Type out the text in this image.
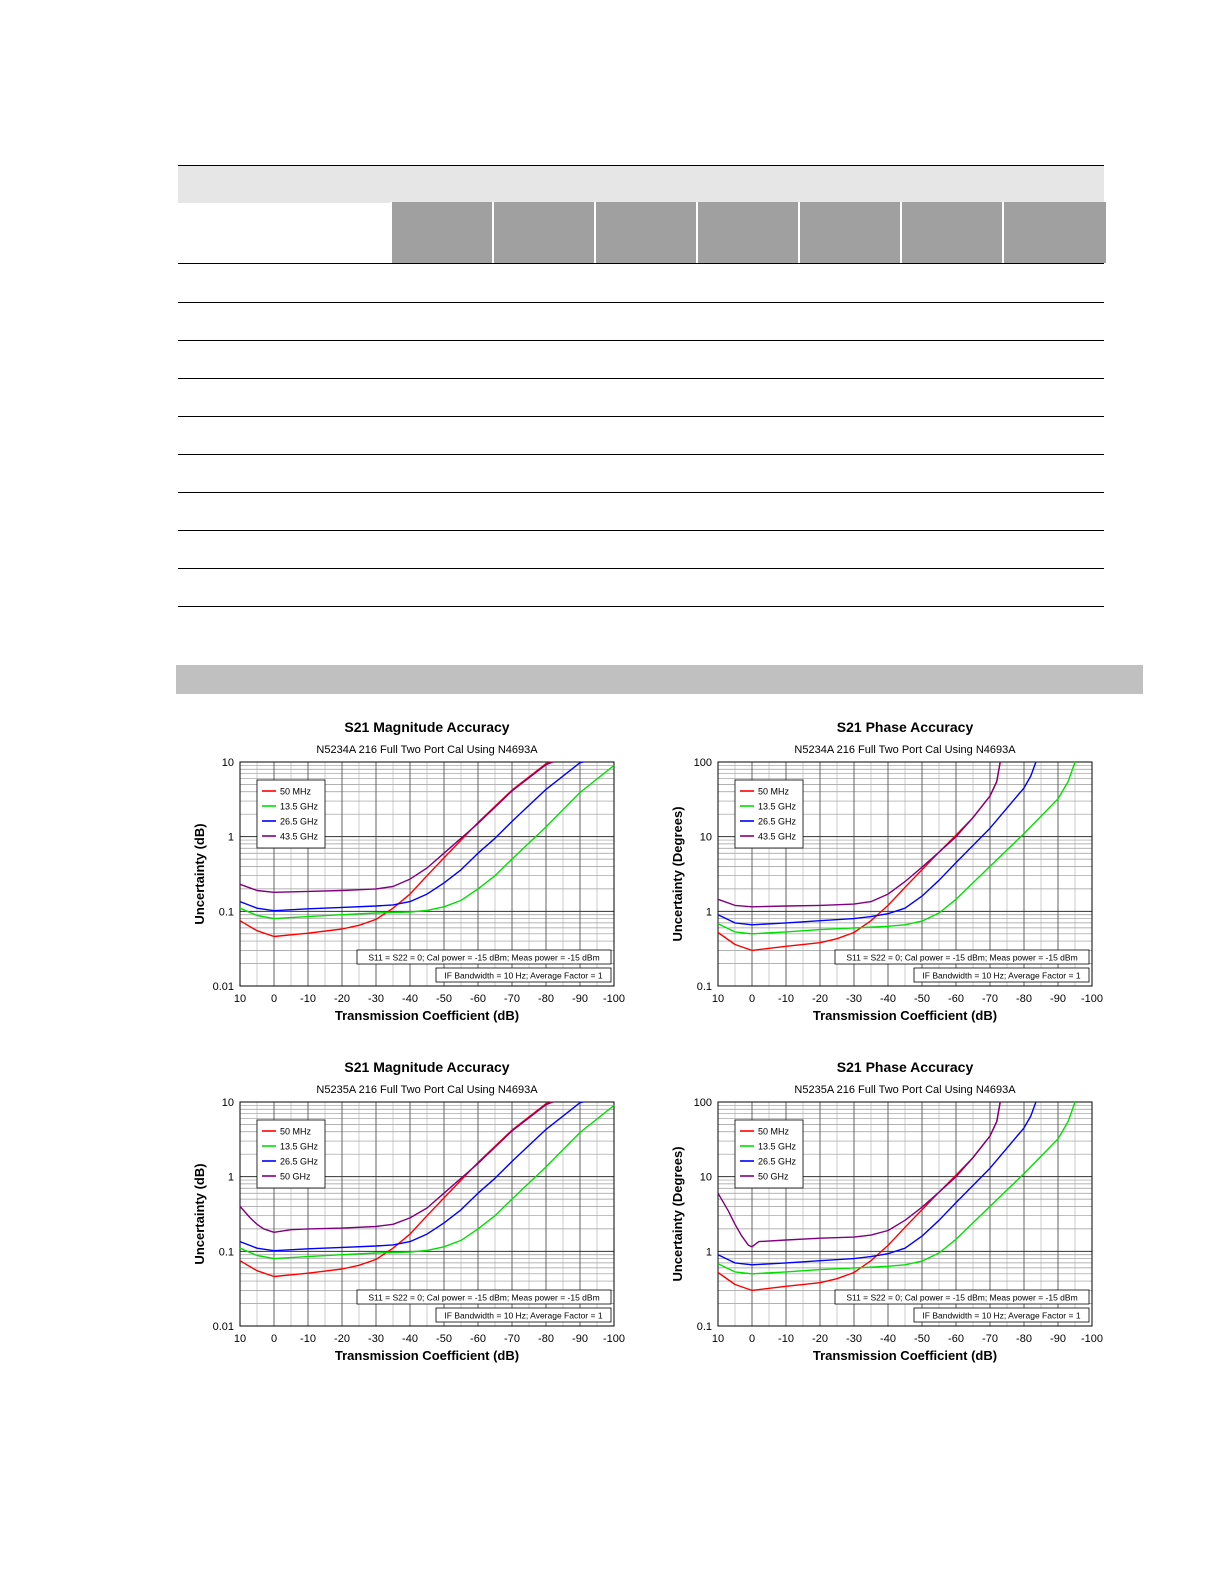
S21 Magnitude Accuracy
N5234A 216 Full Two Port Cal Using N4693A
10 0 -10 -20 -30 -40 -50 -60 -70 -80 -90 -100
10
1
0.1
0.01
Transmission Coefficient (dB)
Uncertainty (dB)
50 MHz
13.5 GHz
26.5 GHz
43.5 GHz
S11 = S22 = 0; Cal power = -15 dBm; Meas power = -15 dBm
IF Bandwidth = 10 Hz; Average Factor = 1
S21 Phase Accuracy
N5234A 216 Full Two Port Cal Using N4693A
10 0 -10 -20 -30 -40 -50 -60 -70 -80 -90 -100
100
10
1
0.1
Transmission Coefficient (dB)
Uncertainty (Degrees)
50 MHz
13.5 GHz
26.5 GHz
43.5 GHz
S11 = S22 = 0; Cal power = -15 dBm; Meas power = -15 dBm
IF Bandwidth = 10 Hz; Average Factor = 1
S21 Magnitude Accuracy
N5235A 216 Full Two Port Cal Using N4693A
10 0 -10 -20 -30 -40 -50 -60 -70 -80 -90 -100
10
1
0.1
0.01
Transmission Coefficient (dB)
Uncertainty (dB)
50 MHz
13.5 GHz
26.5 GHz
50 GHz
S11 = S22 = 0; Cal power = -15 dBm; Meas power = -15 dBm
IF Bandwidth = 10 Hz; Average Factor = 1
S21 Phase Accuracy
N5235A 216 Full Two Port Cal Using N4693A
10 0 -10 -20 -30 -40 -50 -60 -70 -80 -90 -100
100
10
1
0.1
Transmission Coefficient (dB)
Uncertainty (Degrees)
50 MHz
13.5 GHz
26.5 GHz
50 GHz
S11 = S22 = 0; Cal power = -15 dBm; Meas power = -15 dBm
IF Bandwidth = 10 Hz; Average Factor = 1
